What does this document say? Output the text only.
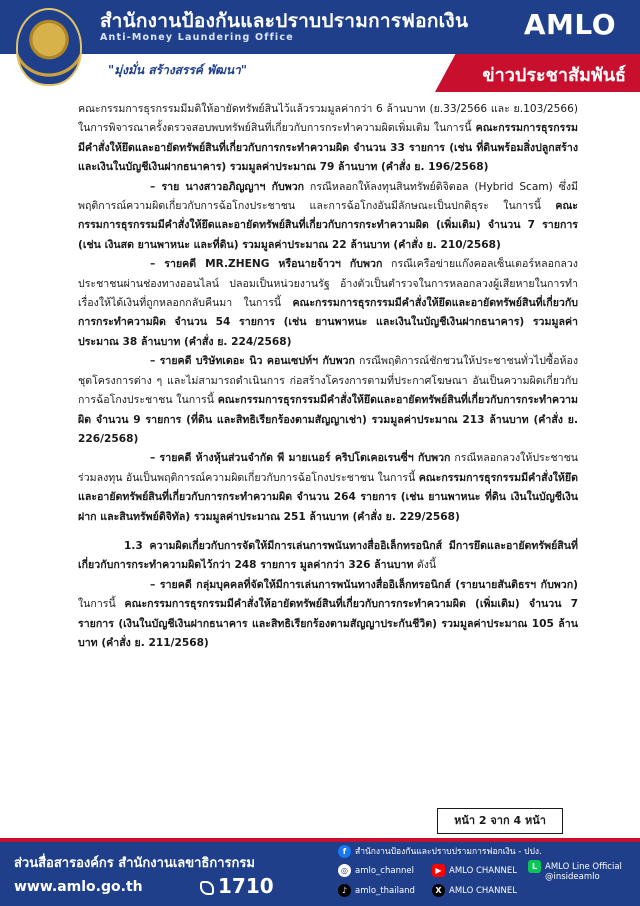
สำนักงานป้องกันและปราบปรามการฟอกเงิน
Anti-Money Laundering Office	AMLO
"มุ่งมั่น สร้างสรรค์ พัฒนา"	ข่าวประชาสัมพันธ์

คณะกรรมการธุรกรรมมีมติให้อายัดทรัพย์สินไว้แล้วรวมมูลค่ากว่า 6 ล้านบาท (ย.33/2566 และ ย.103/2566) ในการพิจารณาครั้งตรวจสอบพบทรัพย์สินที่เกี่ยวกับการกระทำความผิดเพิ่มเติม ในการนี้ คณะกรรมการธุรกรรมมีคำสั่งให้ยึดและอายัดทรัพย์สินที่เกี่ยวกับการกระทำความผิด จำนวน 33 รายการ (เช่น ที่ดินพร้อมสิ่งปลูกสร้าง และเงินในบัญชีเงินฝากธนาคาร) รวมมูลค่าประมาณ 79 ล้านบาท (คำสั่ง ย. 196/2568)

– ราย นางสาวอภิญญาฯ กับพวก กรณีหลอกให้ลงทุนสินทรัพย์ดิจิตอล (Hybrid Scam) ซึ่งมีพฤติการณ์ความผิดเกี่ยวกับการฉ้อโกงประชาชน และการฉ้อโกงอันมีลักษณะเป็นปกติธุระ ในการนี้ คณะกรรมการธุรกรรมมีคำสั่งให้ยึดและอายัดทรัพย์สินที่เกี่ยวกับการกระทำความผิด (เพิ่มเติม) จำนวน 7 รายการ (เช่น เงินสด ยานพาหนะ และที่ดิน) รวมมูลค่าประมาณ 22 ล้านบาท (คำสั่ง ย. 210/2568)

– รายคดี MR.ZHENG หรือนายจ้าวฯ กับพวก กรณีเครือข่ายแก๊งคอลเซ็นเตอร์หลอกลวงประชาชนผ่านช่องทางออนไลน์ ปลอมเป็นหน่วยงานรัฐ อ้างตัวเป็นตำรวจในการหลอกลวงผู้เสียหายในการทำเรื่องให้ได้เงินที่ถูกหลอกกลับคืนมา ในการนี้ คณะกรรมการธุรกรรมมีคำสั่งให้ยึดและอายัดทรัพย์สินที่เกี่ยวกับการกระทำความผิด จำนวน 54 รายการ (เช่น ยานพาหนะ และเงินในบัญชีเงินฝากธนาคาร) รวมมูลค่าประมาณ 38 ล้านบาท (คำสั่ง ย. 224/2568)

– รายคดี บริษัทเดอะ นิว คอนเซปท์ฯ กับพวก กรณีพฤติการณ์ชักชวนให้ประชาชนทั่วไปซื้อห้องชุดโครงการต่าง ๆ และไม่สามารถดำเนินการ ก่อสร้างโครงการตามที่ประกาศโฆษณา อันเป็นความผิดเกี่ยวกับการฉ้อโกงประชาชน ในการนี้ คณะกรรมการธุรกรรมมีคำสั่งให้ยึดและอายัดทรัพย์สินที่เกี่ยวกับการกระทำความผิด จำนวน 9 รายการ (ที่ดิน และสิทธิเรียกร้องตามสัญญาเช่า) รวมมูลค่าประมาณ 213 ล้านบาท (คำสั่ง ย. 226/2568)

– รายคดี ห้างหุ้นส่วนจำกัด พี มายเนอร์ คริปโตเคอเรนซี่ฯ กับพวก กรณีหลอกลวงให้ประชาชนร่วมลงทุน อันเป็นพฤติการณ์ความผิดเกี่ยวกับการฉ้อโกงประชาชน ในการนี้ คณะกรรมการธุรกรรมมีคำสั่งให้ยึดและอายัดทรัพย์สินที่เกี่ยวกับการกระทำความผิด จำนวน 264 รายการ (เช่น ยานพาหนะ ที่ดิน เงินในบัญชีเงินฝาก และสินทรัพย์ดิจิทัล) รวมมูลค่าประมาณ 251 ล้านบาท (คำสั่ง ย. 229/2568)

1.3 ความผิดเกี่ยวกับการจัดให้มีการเล่นการพนันทางสื่ออิเล็กทรอนิกส์ มีการยึดและอายัดทรัพย์สินที่เกี่ยวกับการกระทำความผิดไว้กว่า 248 รายการ มูลค่ากว่า 326 ล้านบาท ดังนี้

– รายคดี กลุ่มบุคคลที่จัดให้มีการเล่นการพนันทางสื่ออิเล็กทรอนิกส์ (รายนายสันติธรฯ กับพวก) ในการนี้ คณะกรรมการธุรกรรมมีคำสั่งให้อายัดทรัพย์สินที่เกี่ยวกับการกระทำความผิด (เพิ่มเติม) จำนวน 7 รายการ (เงินในบัญชีเงินฝากธนาคาร และสิทธิเรียกร้องตามสัญญาประกันชีวิต) รวมมูลค่าประมาณ 105 ล้านบาท (คำสั่ง ย. 211/2568)

หน้า 2 จาก 4 หน้า
ส่วนสื่อสารองค์กร สำนักงานเลขาธิการกรม
www.amlo.go.th	1710
f สำนักงานป้องกันและปราบปรามการฟอกเงิน - ปปง.
◎ amlo_channel	▶ AMLO CHANNEL	L AMLO Line Official
@insideamlo
♪ amlo_thailand	X AMLO CHANNEL
